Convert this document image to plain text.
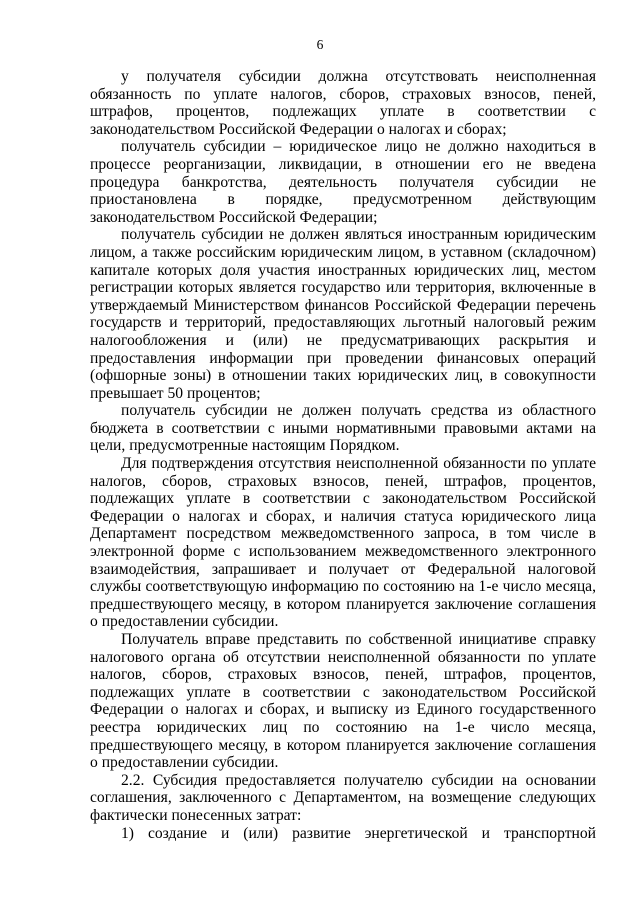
6

у получателя субсидии должна отсутствовать неисполненная обязанность по уплате налогов, сборов, страховых взносов, пеней, штрафов, процентов, подлежащих уплате в соответствии с законодательством Российской Федерации о налогах и сборах;

получатель субсидии – юридическое лицо не должно находиться в процессе реорганизации, ликвидации, в отношении его не введена процедура банкротства, деятельность получателя субсидии не приостановлена в порядке, предусмотренном действующим законодательством Российской Федерации;

получатель субсидии не должен являться иностранным юридическим лицом, а также российским юридическим лицом, в уставном (складочном) капитале которых доля участия иностранных юридических лиц, местом регистрации которых является государство или территория, включенные в утверждаемый Министерством финансов Российской Федерации перечень государств и территорий, предоставляющих льготный налоговый режим налогообложения и (или) не предусматривающих раскрытия и предоставления информации при проведении финансовых операций (офшорные зоны) в отношении таких юридических лиц, в совокупности превышает 50 процентов;

получатель субсидии не должен получать средства из областного бюджета в соответствии с иными нормативными правовыми актами на цели, предусмотренные настоящим Порядком.

Для подтверждения отсутствия неисполненной обязанности по уплате налогов, сборов, страховых взносов, пеней, штрафов, процентов, подлежащих уплате в соответствии с законодательством Российской Федерации о налогах и сборах, и наличия статуса юридического лица Департамент посредством межведомственного запроса, в том числе в электронной форме с использованием межведомственного электронного взаимодействия, запрашивает и получает от Федеральной налоговой службы соответствующую информацию по состоянию на 1-е число месяца, предшествующего месяцу, в котором планируется заключение соглашения о предоставлении субсидии.

Получатель вправе представить по собственной инициативе справку налогового органа об отсутствии неисполненной обязанности по уплате налогов, сборов, страховых взносов, пеней, штрафов, процентов, подлежащих уплате в соответствии с законодательством Российской Федерации о налогах и сборах, и выписку из Единого государственного реестра юридических лиц по состоянию на 1-е число месяца, предшествующего месяцу, в котором планируется заключение соглашения о предоставлении субсидии.

2.2. Субсидия предоставляется получателю субсидии на основании соглашения, заключенного с Департаментом, на возмещение следующих фактически понесенных затрат:

1) создание и (или) развитие энергетической и транспортной
